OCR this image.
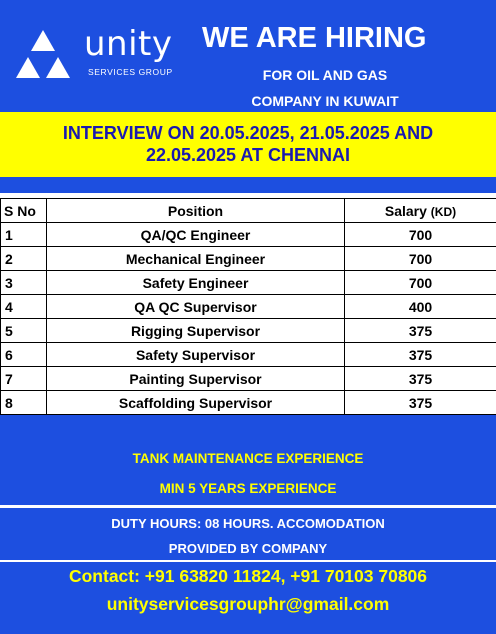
unity
SERVICES GROUP
WE ARE HIRING
FOR OIL AND GAS
COMPANY IN KUWAIT
INTERVIEW ON 20.05.2025, 21.05.2025 AND
22.05.2025 AT CHENNAI
S No	Position	Salary (KD)
1	QA/QC Engineer	700
2	Mechanical Engineer	700
3	Safety Engineer	700
4	QA QC Supervisor	400
5	Rigging Supervisor	375
6	Safety Supervisor	375
7	Painting Supervisor	375
8	Scaffolding Supervisor	375
TANK MAINTENANCE EXPERIENCE
MIN 5 YEARS EXPERIENCE
DUTY HOURS: 08 HOURS. ACCOMODATION
PROVIDED BY COMPANY
Contact: +91 63820 11824, +91 70103 70806
unityservicesgrouphr@gmail.com
